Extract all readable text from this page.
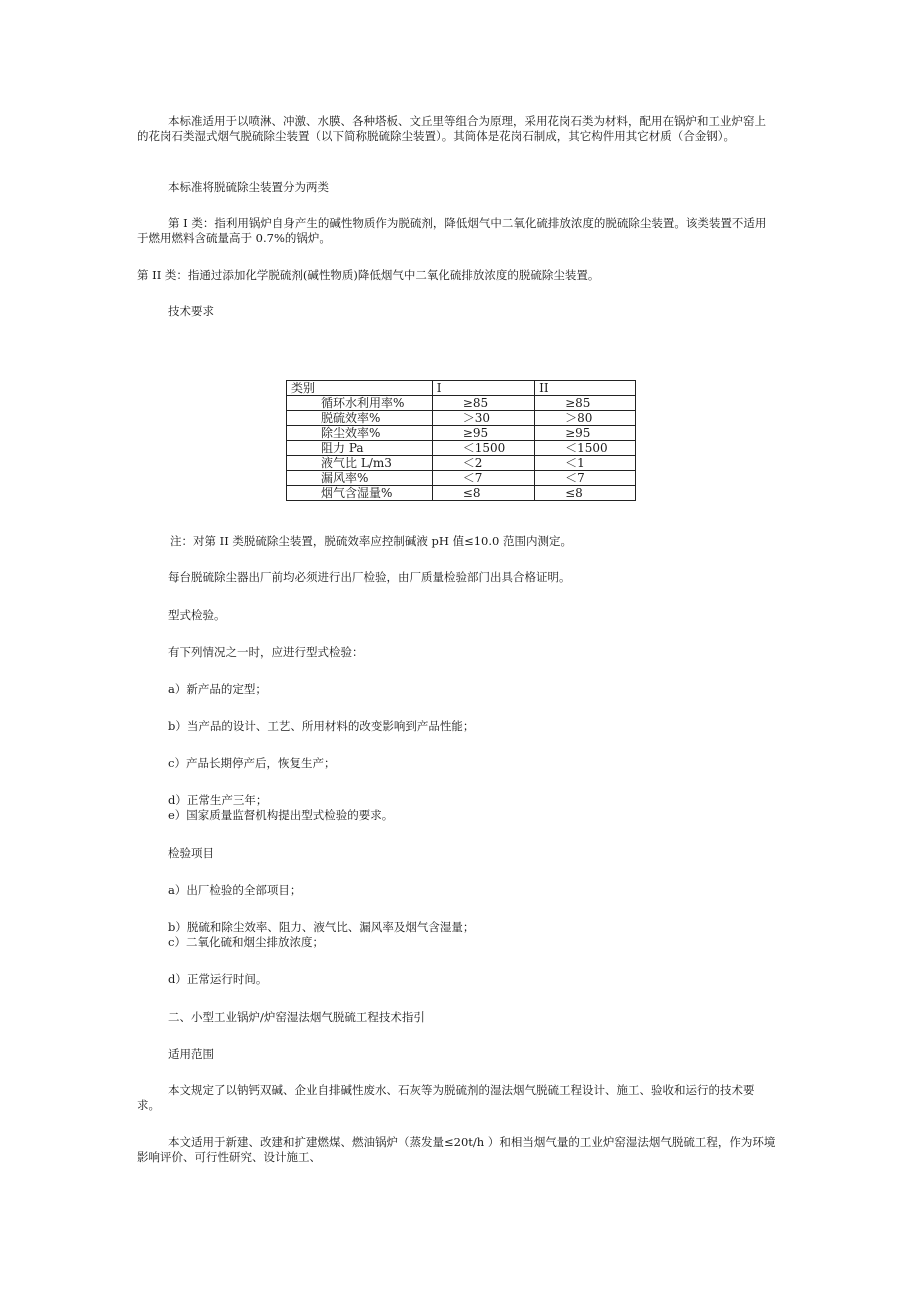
本标准适用于以喷淋、冲激、水膜、各种塔板、文丘里等组合为原理，采用花岗石类为材料，配用在锅炉和工业炉窑上的花岗石类湿式烟气脱硫除尘装置（以下简称脱硫除尘装置）。其筒体是花岗石制成，其它构件用其它材质（合金钢）。

本标准将脱硫除尘装置分为两类

第 I 类：指利用锅炉自身产生的碱性物质作为脱硫剂，降低烟气中二氧化硫排放浓度的脱硫除尘装置。该类装置不适用于燃用燃料含硫量高于 0.7%的锅炉。

第 II 类：指通过添加化学脱硫剂(碱性物质)降低烟气中二氧化硫排放浓度的脱硫除尘装置。

技术要求

类别	I	II
循环水利用率%	≥85	≥85
脱硫效率%	＞30	＞80
除尘效率%	≥95	≥95
阻力 Pa	＜1500	＜1500
液气比 L/m3	＜2	＜1
漏风率%	＜7	＜7
烟气含湿量%	≤8	≤8

注：对第 II 类脱硫除尘装置，脱硫效率应控制碱液 pH 值≤10.0 范围内测定。

每台脱硫除尘器出厂前均必须进行出厂检验，由厂质量检验部门出具合格证明。

型式检验。

有下列情况之一时，应进行型式检验：

a）新产品的定型；

b）当产品的设计、工艺、所用材料的改变影响到产品性能；

c）产品长期停产后，恢复生产；

d）正常生产三年；

e）国家质量监督机构提出型式检验的要求。

检验项目

a）出厂检验的全部项目；

b）脱硫和除尘效率、阻力、液气比、漏风率及烟气含湿量；

c）二氧化硫和烟尘排放浓度；

d）正常运行时间。

二、小型工业锅炉/炉窑湿法烟气脱硫工程技术指引

适用范围

本文规定了以钠钙双碱、企业自排碱性废水、石灰等为脱硫剂的湿法烟气脱硫工程设计、施工、验收和运行的技术要求。

本文适用于新建、改建和扩建燃煤、燃油锅炉（蒸发量≤20t/h ）和相当烟气量的工业炉窑湿法烟气脱硫工程，作为环境影响评价、可行性研究、设计施工、
